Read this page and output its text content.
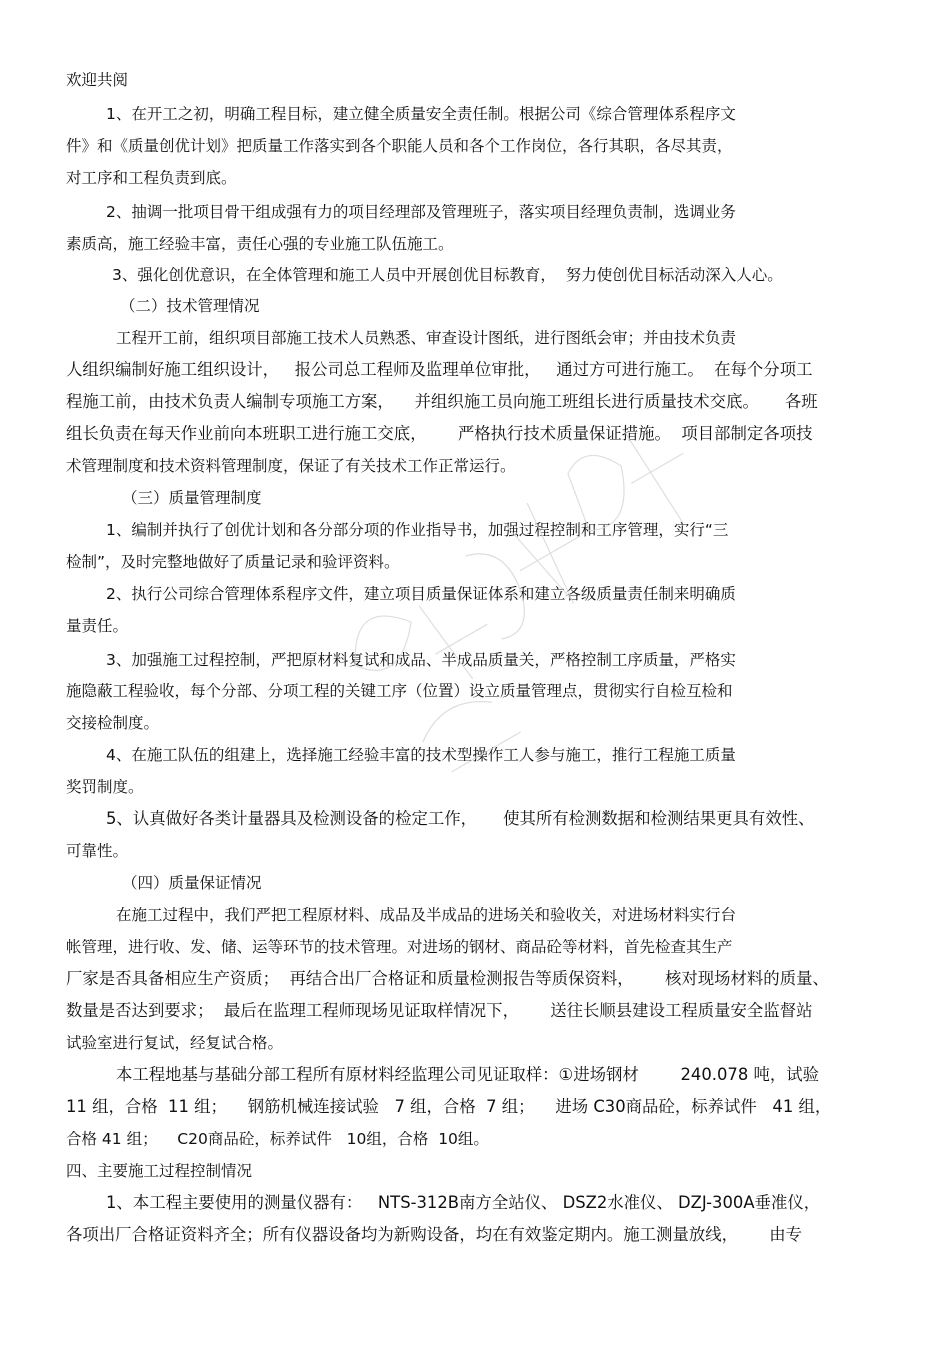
欢迎共阅

1、在开工之初，明确工程目标，建立健全质量安全责任制。根据公司《综合管理体系程序文

件》和《质量创优计划》把质量工作落实到各个职能人员和各个工作岗位，各行其职，各尽其责，

对工序和工程负责到底。

2、抽调一批项目骨干组成强有力的项目经理部及管理班子，落实项目经理负责制，选调业务

素质高，施工经验丰富，责任心强的专业施工队伍施工。

3、强化创优意识，在全体管理和施工人员中开展创优目标教育，  努力使创优目标活动深入人心。

（二）技术管理情况

工程开工前，组织项目部施工技术人员熟悉、审查设计图纸，进行图纸会审；并由技术负责

人组织编制好施工组织设计，   报公司总工程师及监理单位审批，   通过方可进行施工。  在每个分项工

程施工前，由技术负责人编制专项施工方案，    并组织施工员向施工班组长进行质量技术交底。     各班

组长负责在每天作业前向本班职工进行施工交底，      严格执行技术质量保证措施。  项目部制定各项技

术管理制度和技术资料管理制度，保证了有关技术工作正常运行。

（三）质量管理制度

1、编制并执行了创优计划和各分部分项的作业指导书，加强过程控制和工序管理，实行“三

检制”，及时完整地做好了质量记录和验评资料。

2、执行公司综合管理体系程序文件，建立项目质量保证体系和建立各级质量责任制来明确质

量责任。

3、加强施工过程控制，严把原材料复试和成品、半成品质量关，严格控制工序质量，严格实

施隐蔽工程验收，每个分部、分项工程的关键工序（位置）设立质量管理点，贯彻实行自检互检和

交接检制度。

4、在施工队伍的组建上，选择施工经验丰富的技术型操作工人参与施工，推行工程施工质量

奖罚制度。

5、认真做好各类计量器具及检测设备的检定工作，     使其所有检测数据和检测结果更具有效性、

可靠性。

（四）质量保证情况

在施工过程中，我们严把工程原材料、成品及半成品的进场关和验收关，对进场材料实行台

帐管理，进行收、发、储、运等环节的技术管理。对进场的钢材、商品砼等材料，首先检查其生产

厂家是否具备相应生产资质；  再结合出厂合格证和质量检测报告等质保资料，      核对现场材料的质量、

数量是否达到要求；  最后在监理工程师现场见证取样情况下，      送往长顺县建设工程质量安全监督站

试验室进行复试，经复试合格。

本工程地基与基础分部工程所有原材料经监理公司见证取样：①进场钢材        240.078 吨，试验

11 组，合格  11 组；    钢筋机械连接试验   7 组，合格  7 组；    进场 C30商品砼，标养试件   41 组，

合格 41 组；    C20商品砼，标养试件   10组，合格  10组。

四、主要施工过程控制情况

1、本工程主要使用的测量仪器有：   NTS-312B南方全站仪、 DSZ2水准仪、 DZJ-300A垂准仪，

各项出厂合格证资料齐全；所有仪器设备均为新购设备，均在有效鉴定期内。施工测量放线，      由专
